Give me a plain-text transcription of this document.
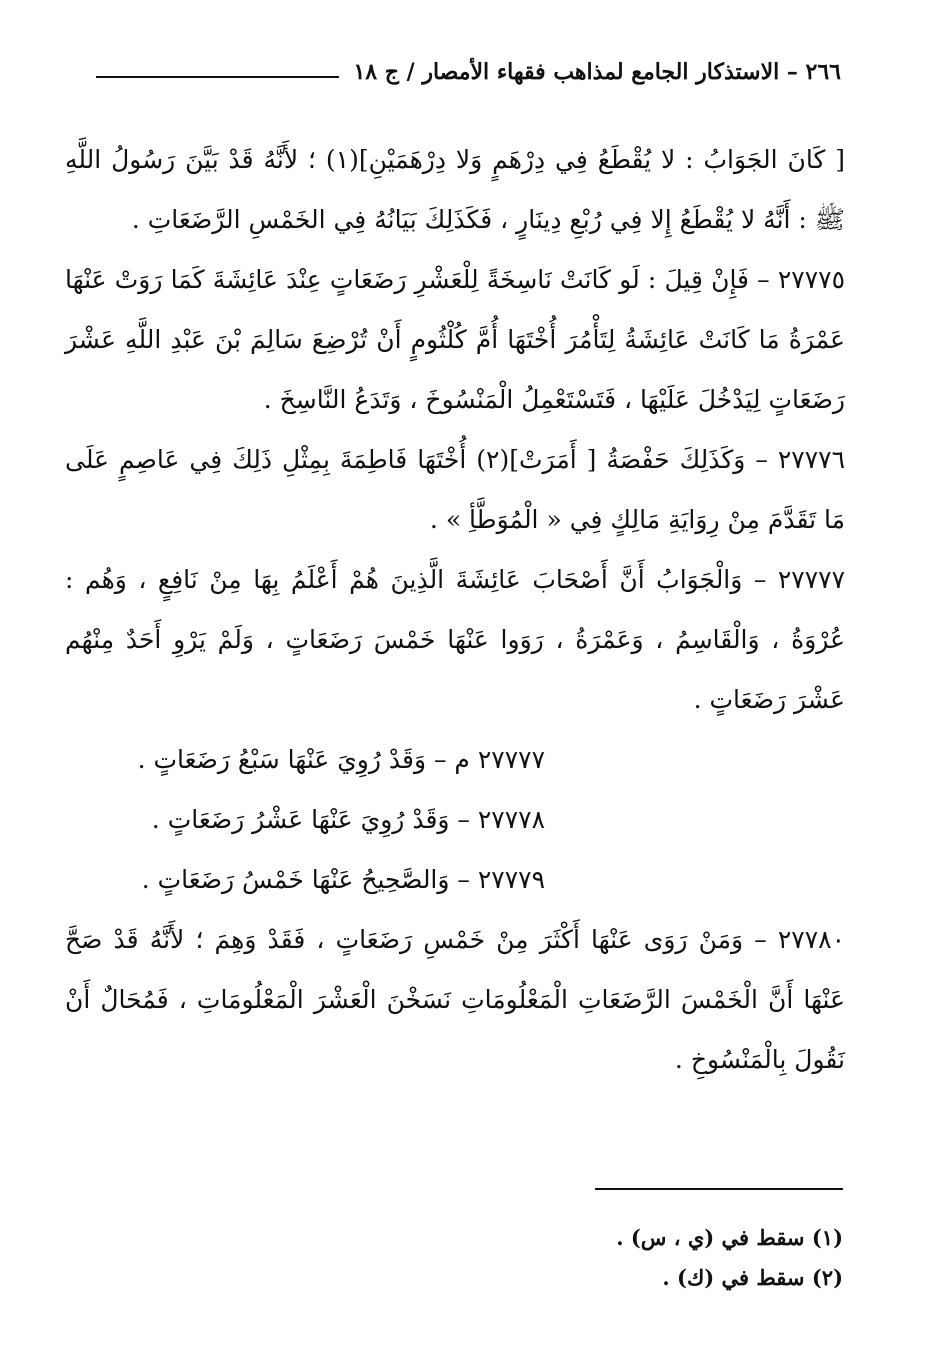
٢٦٦ – الاستذكار الجامع لمذاهب فقهاء الأمصار / ج ١٨

[ كَانَ الجَوَابُ : لا يُقْطَعُ فِي دِرْهَمٍ وَلا دِرْهَمَيْنِ](١) ؛ لأَنَّهُ قَدْ بَيَّنَ رَسُولُ اللَّهِ ﷺ : أَنَّهُ لا يُقْطَعُ إِلا فِي رُبْعِ دِينَارٍ ، فَكَذَلِكَ بَيَانُهُ فِي الخَمْسِ الرَّضَعَاتِ .

٢٧٧٧٥ – فَإِنْ قِيلَ : لَو كَانَتْ نَاسِخَةً لِلْعَشْرِ رَضَعَاتٍ عِنْدَ عَائِشَةَ كَمَا رَوَتْ عَنْهَا عَمْرَةُ مَا كَانَتْ عَائِشَةُ لِتَأْمُرَ أُخْتَهَا أُمَّ كُلْثُومٍ أَنْ تُرْضِعَ سَالِمَ بْنَ عَبْدِ اللَّهِ عَشْرَ رَضَعَاتٍ لِيَدْخُلَ عَلَيْهَا ، فَتَسْتَعْمِلُ الْمَنْسُوخَ ، وَتَدَعُ النَّاسِخَ .

٢٧٧٧٦ – وَكَذَلِكَ حَفْصَةُ [ أَمَرَتْ](٢) أُخْتَهَا فَاطِمَةَ بِمِثْلِ ذَلِكَ فِي عَاصِمٍ عَلَى مَا تَقَدَّمَ مِنْ رِوَايَةِ مَالِكٍ فِي « الْمُوَطَّأِ » .

٢٧٧٧٧ – وَالْجَوَابُ أَنَّ أَصْحَابَ عَائِشَةَ الَّذِينَ هُمْ أَعْلَمُ بِهَا مِنْ نَافِعٍ ، وَهُم : عُرْوَةُ ، وَالْقَاسِمُ ، وَعَمْرَةُ ، رَوَوا عَنْهَا خَمْسَ رَضَعَاتٍ ، وَلَمْ يَرْوِ أَحَدٌ مِنْهُم عَشْرَ رَضَعَاتٍ .

٢٧٧٧٧ م – وَقَدْ رُوِيَ عَنْهَا سَبْعُ رَضَعَاتٍ .

٢٧٧٧٨ – وَقَدْ رُوِيَ عَنْهَا عَشْرُ رَضَعَاتٍ .

٢٧٧٧٩ – وَالصَّحِيحُ عَنْهَا خَمْسُ رَضَعَاتٍ .

٢٧٧٨٠ – وَمَنْ رَوَى عَنْهَا أَكْثَرَ مِنْ خَمْسِ رَضَعَاتٍ ، فَقَدْ وَهِمَ ؛ لأَنَّهُ قَدْ صَحَّ عَنْهَا أَنَّ الْخَمْسَ الرَّضَعَاتِ الْمَعْلُومَاتِ نَسَخْنَ الْعَشْرَ الْمَعْلُومَاتِ ، فَمُحَالٌ أَنْ نَقُولَ بِالْمَنْسُوخِ .

(١) سقط في (ي ، س) .

(٢) سقط في (ك) .
